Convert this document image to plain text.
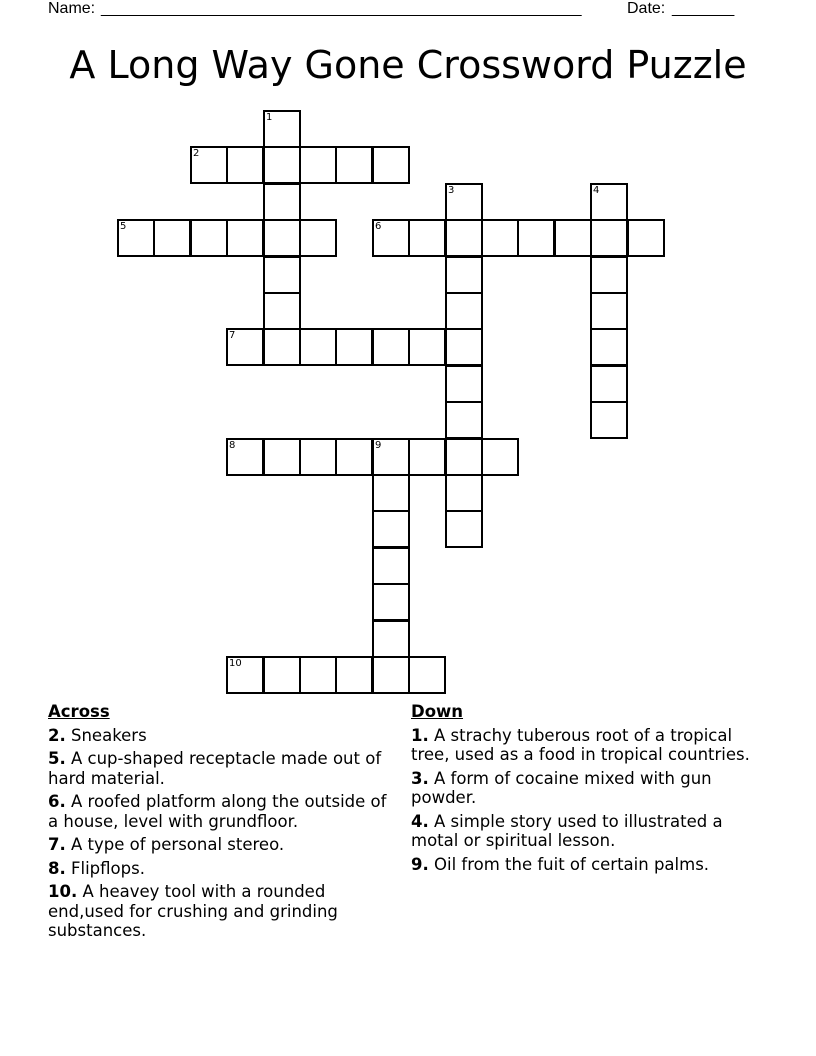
Name: ______________________________________________________	Date: _______
A Long Way Gone Crossword Puzzle
1
2
3	4
5	6
7
8	9
10
Across
2. Sneakers
5. A cup-shaped receptacle made out of hard material.
6. A roofed platform along the outside of a house, level with grundfloor.
7. A type of personal stereo.
8. Flipflops.
10. A heavey tool with a rounded end,used for crushing and grinding substances.
Down
1. A strachy tuberous root of a tropical tree, used as a food in tropical countries.
3. A form of cocaine mixed with gun powder.
4. A simple story used to illustrated a motal or spiritual lesson.
9. Oil from the fuit of certain palms.
